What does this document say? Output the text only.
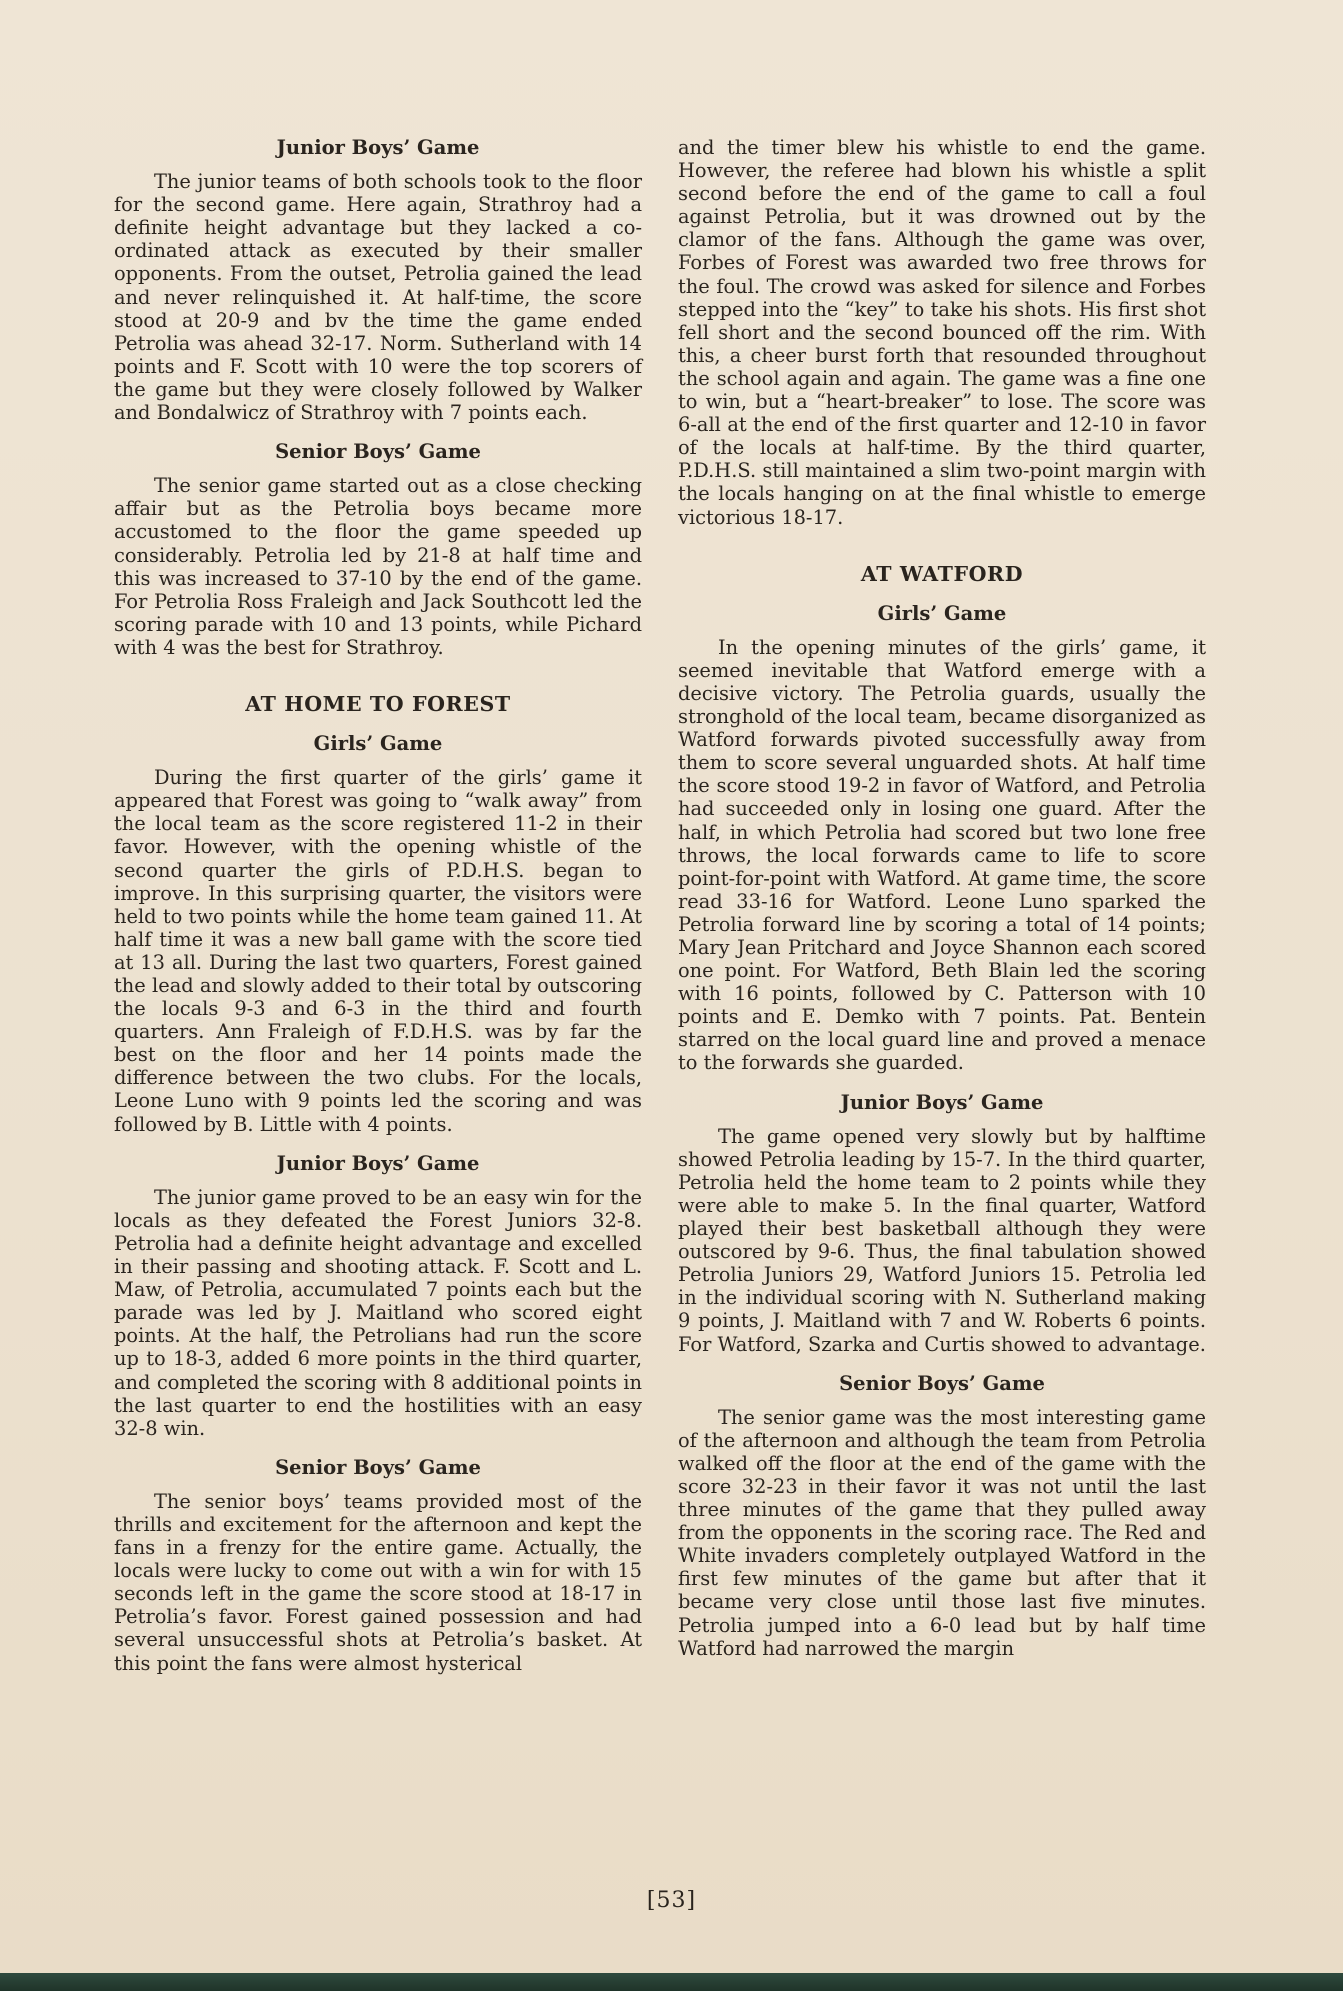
Junior Boys’ Game

The junior teams of both schools took to the floor for the second game. Here again, Strathroy had a definite height advantage but they lacked a co-ordinated attack as executed by their smaller opponents. From the outset, Petrolia gained the lead and never relinquished it. At half-time, the score stood at 20-9 and bv the time the game ended Petrolia was ahead 32-17. Norm. Sutherland with 14 points and F. Scott with 10 were the top scorers of the game but they were closely followed by Walker and Bondalwicz of Strathroy with 7 points each.

Senior Boys’ Game

The senior game started out as a close checking affair but as the Petrolia boys became more accustomed to the floor the game speeded up considerably. Petrolia led by 21-8 at half time and this was increased to 37-10 by the end of the game. For Petrolia Ross Fraleigh and Jack Southcott led the scoring parade with 10 and 13 points, while Pichard with 4 was the best for Strathroy.

AT HOME TO FOREST
Girls’ Game

During the first quarter of the girls’ game it appeared that Forest was going to “walk away” from the local team as the score registered 11-2 in their favor. However, with the opening whistle of the second quarter the girls of P.D.H.S. began to improve. In this surprising quarter, the visitors were held to two points while the home team gained 11. At half time it was a new ball game with the score tied at 13 all. During the last two quarters, Forest gained the lead and slowly added to their total by outscoring the locals 9-3 and 6-3 in the third and fourth quarters. Ann Fraleigh of F.D.H.S. was by far the best on the floor and her 14 points made the difference between the two clubs. For the locals, Leone Luno with 9 points led the scoring and was followed by B. Little with 4 points.

Junior Boys’ Game

The junior game proved to be an easy win for the locals as they defeated the Forest Juniors 32-8. Petrolia had a definite height advantage and excelled in their passing and shooting attack. F. Scott and L. Maw, of Petrolia, accumulated 7 points each but the parade was led by J. Maitland who scored eight points. At the half, the Petrolians had run the score up to 18-3, added 6 more points in the third quarter, and completed the scoring with 8 additional points in the last quarter to end the hostilities with an easy 32-8 win.

Senior Boys’ Game

The senior boys’ teams provided most of the thrills and excitement for the afternoon and kept the fans in a frenzy for the entire game. Actually, the locals were lucky to come out with a win for with 15 seconds left in the game the score stood at 18-17 in Petrolia’s favor. Forest gained possession and had several unsuccessful shots at Petrolia’s basket. At this point the fans were almost hysterical

and the timer blew his whistle to end the game. However, the referee had blown his whistle a split second before the end of the game to call a foul against Petrolia, but it was drowned out by the clamor of the fans. Although the game was over, Forbes of Forest was awarded two free throws for the foul. The crowd was asked for silence and Forbes stepped into the “key” to take his shots. His first shot fell short and the second bounced off the rim. With this, a cheer burst forth that resounded throughout the school again and again. The game was a fine one to win, but a “heart-breaker” to lose. The score was 6-all at the end of the first quarter and 12-10 in favor of the locals at half-time. By the third quarter, P.D.H.S. still maintained a slim two-point margin with the locals hanging on at the final whistle to emerge victorious 18-17.

AT WATFORD
Girls’ Game

In the opening minutes of the girls’ game, it seemed inevitable that Watford emerge with a decisive victory. The Petrolia guards, usually the stronghold of the local team, became disorganized as Watford forwards pivoted successfully away from them to score several unguarded shots. At half time the score stood 19-2 in favor of Watford, and Petrolia had succeeded only in losing one guard. After the half, in which Petrolia had scored but two lone free throws, the local forwards came to life to score point-for-point with Watford. At game time, the score read 33-16 for Watford. Leone Luno sparked the Petrolia forward line by scoring a total of 14 points; Mary Jean Pritchard and Joyce Shannon each scored one point. For Watford, Beth Blain led the scoring with 16 points, followed by C. Patterson with 10 points and E. Demko with 7 points. Pat. Bentein starred on the local guard line and proved a menace to the forwards she guarded.

Junior Boys’ Game

The game opened very slowly but by halftime showed Petrolia leading by 15-7. In the third quarter, Petrolia held the home team to 2 points while they were able to make 5. In the final quarter, Watford played their best basketball although they were outscored by 9-6. Thus, the final tabulation showed Petrolia Juniors 29, Watford Juniors 15. Petrolia led in the individual scoring with N. Sutherland making 9 points, J. Maitland with 7 and W. Roberts 6 points. For Watford, Szarka and Curtis showed to advantage.

Senior Boys’ Game

The senior game was the most interesting game of the afternoon and although the team from Petrolia walked off the floor at the end of the game with the score 32-23 in their favor it was not until the last three minutes of the game that they pulled away from the opponents in the scoring race. The Red and White invaders completely outplayed Watford in the first few minutes of the game but after that it became very close until those last five minutes. Petrolia jumped into a 6-0 lead but by half time Watford had narrowed the margin

[53]
